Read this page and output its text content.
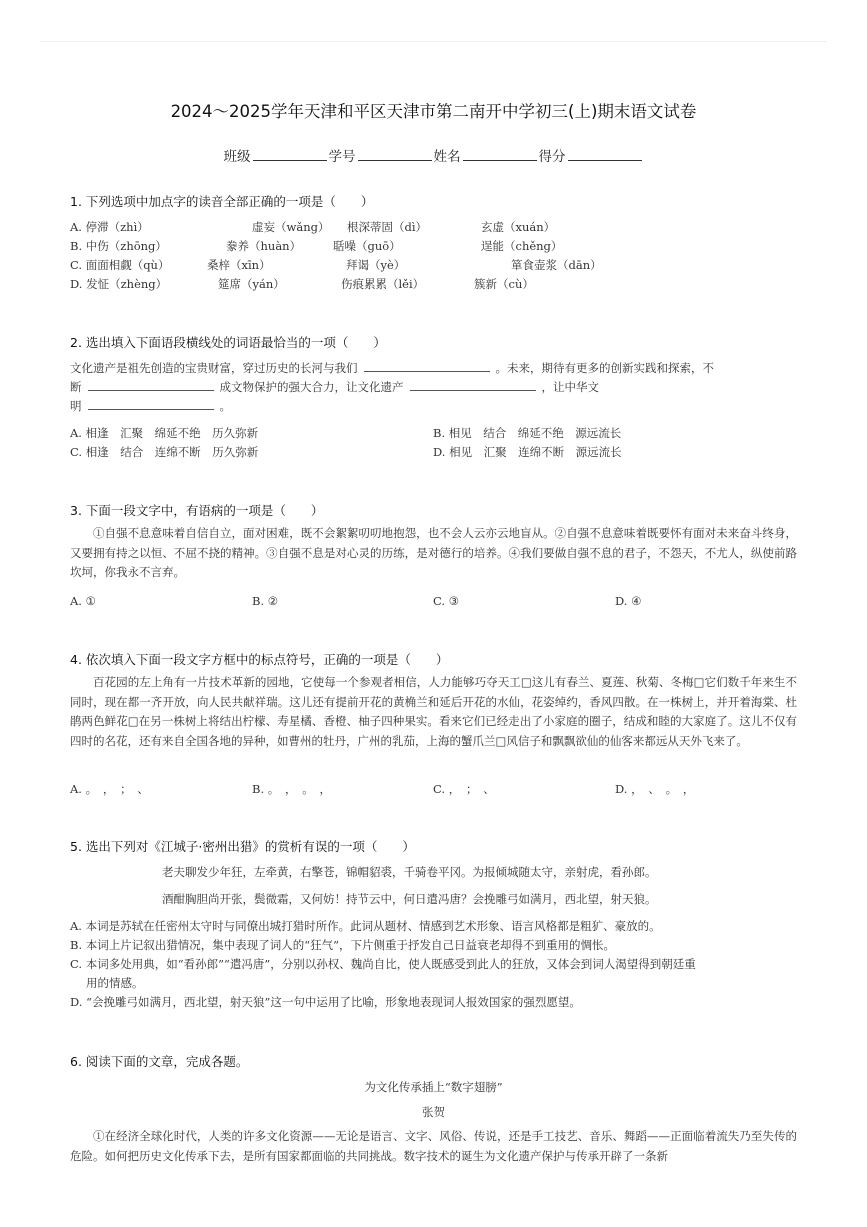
2024～2025学年天津和平区天津市第二南开中学初三(上)期末语文试卷
班级	学号	姓名	得分
1. 下列选项中加点字的读音全部正确的一项是（　　）
A. 停滞（zhì）	虚妄（wǎng） 根深蒂固（dì）	玄虚（xuán）
B. 中伤（zhōng）	豢养（huàn）	聒噪（guō）	逞能（chěng）
C. 面面相觑（qù）	桑梓（xīn）	拜谒（yè）	箪食壶浆（dān）
D. 发怔（zhèng）	筵席（yán）	伤痕累累（lěi）	簇新（cù）
2. 选出填入下面语段横线处的词语最恰当的一项（　　）
文化遗产是祖先创造的宝贵财富，穿过历史的长河与我们	。未来，期待有更多的创新实践和探索，不
断	成文物保护的强大合力，让文化遗产	，让中华文
明	。
A. 相逢　汇聚　绵延不绝　历久弥新	B. 相见　结合　绵延不绝　源远流长
C. 相逢　结合　连绵不断　历久弥新	D. 相见　汇聚　连绵不断　源远流长
3. 下面一段文字中，有语病的一项是（　　）
①自强不息意味着自信自立，面对困难，既不会絮絮叨叨地抱怨，也不会人云亦云地盲从。②自强不息意味着既要怀有面对未来奋斗终身，又要拥有持之以恒、不屈不挠的精神。③自强不息是对心灵的历练，是对德行的培养。④我们要做自强不息的君子，不怨天，不尤人，纵使前路坎坷，你我永不言弃。
A. ①	B. ②	C. ③	D. ④
4. 依次填入下面一段文字方框中的标点符号，正确的一项是（　　）
百花园的左上角有一片技术革新的园地，它使每一个参观者相信，人力能够巧夺天工□这儿有春兰、夏莲、秋菊、冬梅□它们数千年来生不同时，现在都一齐开放，向人民共献祥瑞。这儿还有提前开花的黄桷兰和延后开花的水仙，花姿绰约，香风四散。在一株树上，并开着海棠、杜鹃两色鲜花□在另一株树上将结出柠檬、寿星橘、香橙、柚子四种果实。看来它们已经走出了小家庭的圈子，结成和睦的大家庭了。这儿不仅有四时的名花，还有来自全国各地的异种，如曹州的牡丹，广州的乳茄，上海的蟹爪兰□风信子和飘飘欲仙的仙客来都远从天外飞来了。
A. 。　，　；　、	B. 。　，　。　，	C. ，　；　、	D. ，　、　。　，
5. 选出下列对《江城子·密州出猎》的赏析有误的一项（　　）
老夫聊发少年狂，左牵黄，右擎苍，锦帽貂裘，千骑卷平冈。为报倾城随太守，亲射虎，看孙郎。
酒酣胸胆尚开张，鬓微霜，又何妨！持节云中，何日遣冯唐？会挽雕弓如满月，西北望，射天狼。
A. 本词是苏轼在任密州太守时与同僚出城打猎时所作。此词从题材、情感到艺术形象、语言风格都是粗犷、豪放的。
B. 本词上片记叙出猎情况，集中表现了词人的“狂气”，下片侧重于抒发自己日益衰老却得不到重用的惆怅。
C. 本词多处用典，如“看孙郎”“遣冯唐”，分别以孙权、魏尚自比，使人既感受到此人的狂放，又体会到词人渴望得到朝廷重
用的情感。
D. “会挽雕弓如满月，西北望，射天狼”这一句中运用了比喻，形象地表现词人报效国家的强烈愿望。
6. 阅读下面的文章，完成各题。
为文化传承插上“数字翅膀”
张贺
①在经济全球化时代，人类的许多文化资源——无论是语言、文字、风俗、传说，还是手工技艺、音乐、舞蹈——正面临着流失乃至失传的危险。如何把历史文化传承下去，是所有国家都面临的共同挑战。数字技术的诞生为文化遗产保护与传承开辟了一条新
